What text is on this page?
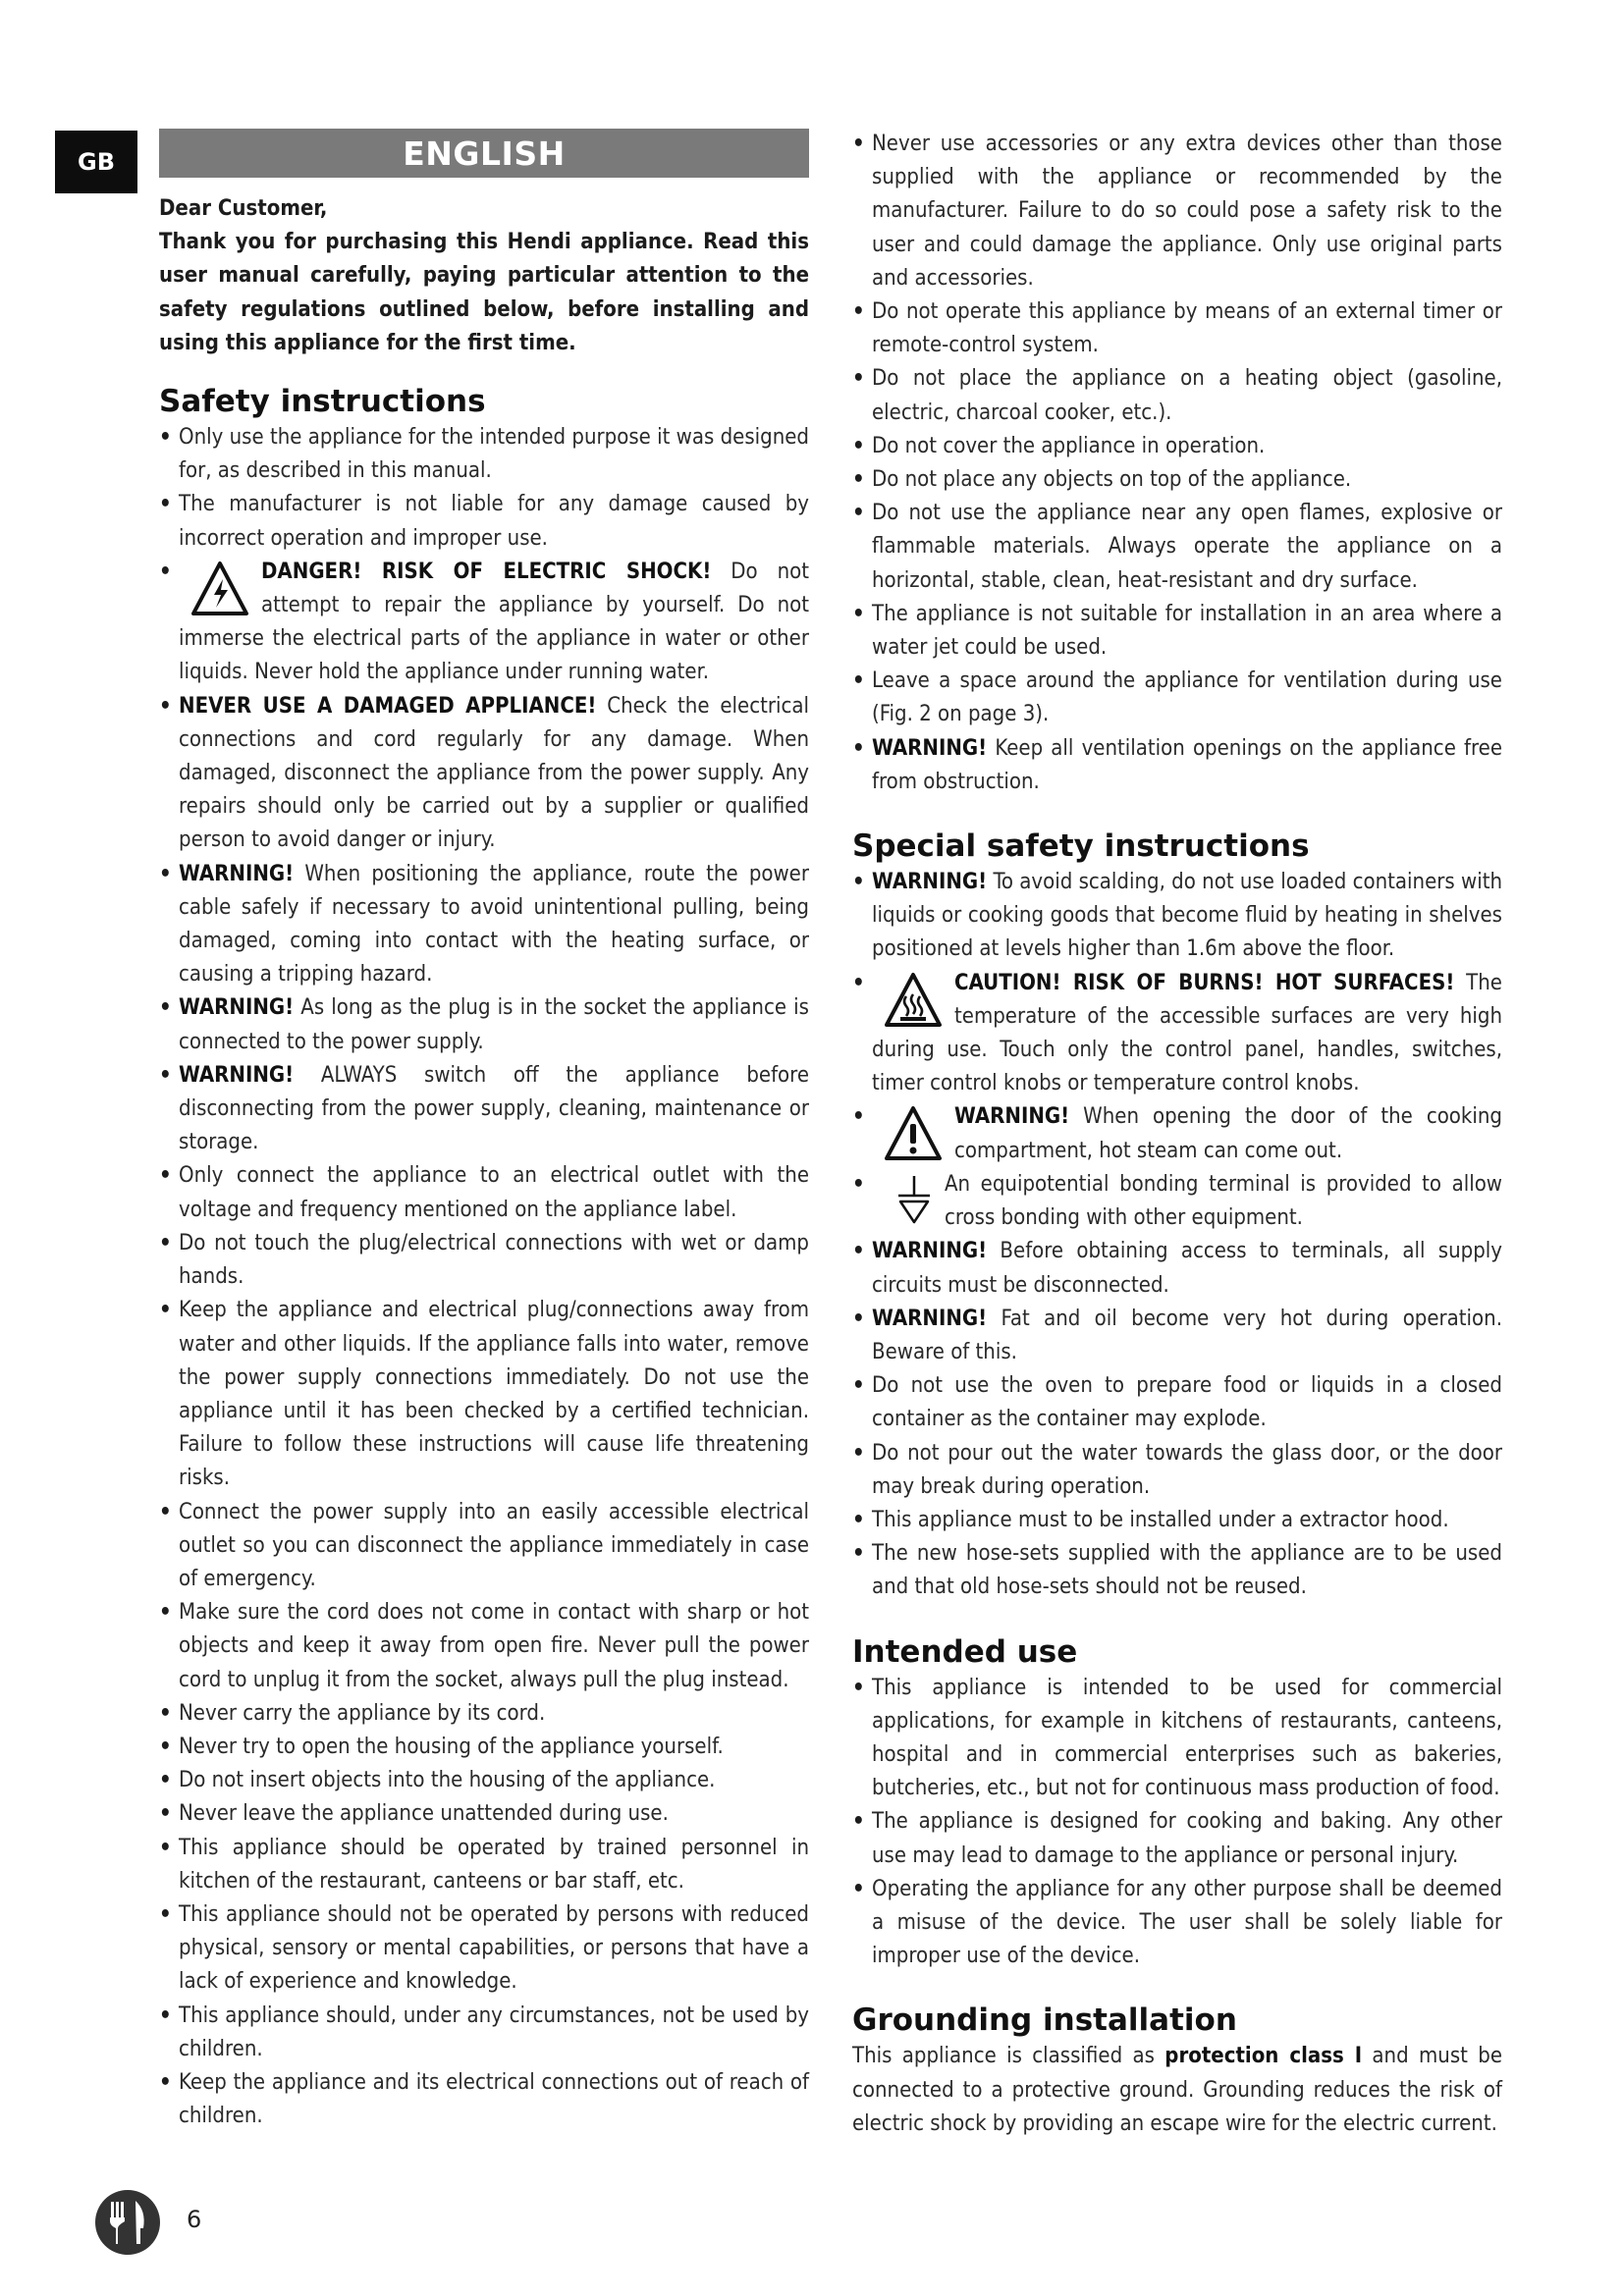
GB	ENGLISH

Dear Customer,

Thank you for purchasing this Hendi appliance. Read this user manual carefully, paying particular attention to the safety regulations outlined below, before installing and using this appliance for the first time.

Safety instructions
• Only use the appliance for the intended purpose it was designed for, as described in this manual.
• The manufacturer is not liable for any damage caused by incorrect operation and improper use.
• DANGER! RISK OF ELECTRIC SHOCK! Do not attempt to repair the appliance by yourself. Do not immerse the electrical parts of the appliance in water or other liquids. Never hold the appliance under running water.
• NEVER USE A DAMAGED APPLIANCE! Check the electrical connections and cord regularly for any damage. When damaged, disconnect the appliance from the power supply. Any repairs should only be carried out by a supplier or qualified person to avoid danger or injury.
• WARNING! When positioning the appliance, route the power cable safely if necessary to avoid unintentional pulling, being damaged, coming into contact with the heating surface, or causing a tripping hazard.
• WARNING! As long as the plug is in the socket the appliance is connected to the power supply.
• WARNING! ALWAYS switch off the appliance before disconnecting from the power supply, cleaning, maintenance or storage.
• Only connect the appliance to an electrical outlet with the voltage and frequency mentioned on the appliance label.
• Do not touch the plug/electrical connections with wet or damp hands.
• Keep the appliance and electrical plug/connections away from water and other liquids. If the appliance falls into water, remove the power supply connections immediately. Do not use the appliance until it has been checked by a certified technician. Failure to follow these instructions will cause life threatening risks.
• Connect the power supply into an easily accessible electrical outlet so you can disconnect the appliance immediately in case of emergency.
• Make sure the cord does not come in contact with sharp or hot objects and keep it away from open fire. Never pull the power cord to unplug it from the socket, always pull the plug instead.
• Never carry the appliance by its cord.
• Never try to open the housing of the appliance yourself.
• Do not insert objects into the housing of the appliance.
• Never leave the appliance unattended during use.
• This appliance should be operated by trained personnel in kitchen of the restaurant, canteens or bar staff, etc.
• This appliance should not be operated by persons with reduced physical, sensory or mental capabilities, or persons that have a lack of experience and knowledge.
• This appliance should, under any circumstances, not be used by children.
• Keep the appliance and its electrical connections out of reach of children.
• Never use accessories or any extra devices other than those supplied with the appliance or recommended by the manufacturer. Failure to do so could pose a safety risk to the user and could damage the appliance. Only use original parts and accessories.
• Do not operate this appliance by means of an external timer or remote-control system.
• Do not place the appliance on a heating object (gasoline, electric, charcoal cooker, etc.).
• Do not cover the appliance in operation.
• Do not place any objects on top of the appliance.
• Do not use the appliance near any open flames, explosive or flammable materials. Always operate the appliance on a horizontal, stable, clean, heat-resistant and dry surface.
• The appliance is not suitable for installation in an area where a water jet could be used.
• Leave a space around the appliance for ventilation during use (Fig. 2 on page 3).
• WARNING! Keep all ventilation openings on the appliance free from obstruction.
Special safety instructions
• WARNING! To avoid scalding, do not use loaded containers with liquids or cooking goods that become fluid by heating in shelves positioned at levels higher than 1.6m above the floor.
• CAUTION! RISK OF BURNS! HOT SURFACES! The temperature of the accessible surfaces are very high during use. Touch only the control panel, handles, switches, timer control knobs or temperature control knobs.
• WARNING! When opening the door of the cooking compartment, hot steam can come out.
• An equipotential bonding terminal is provided to allow cross bonding with other equipment.
• WARNING! Before obtaining access to terminals, all supply circuits must be disconnected.
• WARNING! Fat and oil become very hot during operation. Beware of this.
• Do not use the oven to prepare food or liquids in a closed container as the container may explode.
• Do not pour out the water towards the glass door, or the door may break during operation.
• This appliance must to be installed under a extractor hood.
• The new hose-sets supplied with the appliance are to be used and that old hose-sets should not be reused.
Intended use
• This appliance is intended to be used for commercial applications, for example in kitchens of restaurants, canteens, hospital and in commercial enterprises such as bakeries, butcheries, etc., but not for continuous mass production of food.
• The appliance is designed for cooking and baking. Any other use may lead to damage to the appliance or personal injury.
• Operating the appliance for any other purpose shall be deemed a misuse of the device. The user shall be solely liable for improper use of the device.
Grounding installation

This appliance is classified as protection class I and must be connected to a protective ground. Grounding reduces the risk of electric shock by providing an escape wire for the electric current.

6
